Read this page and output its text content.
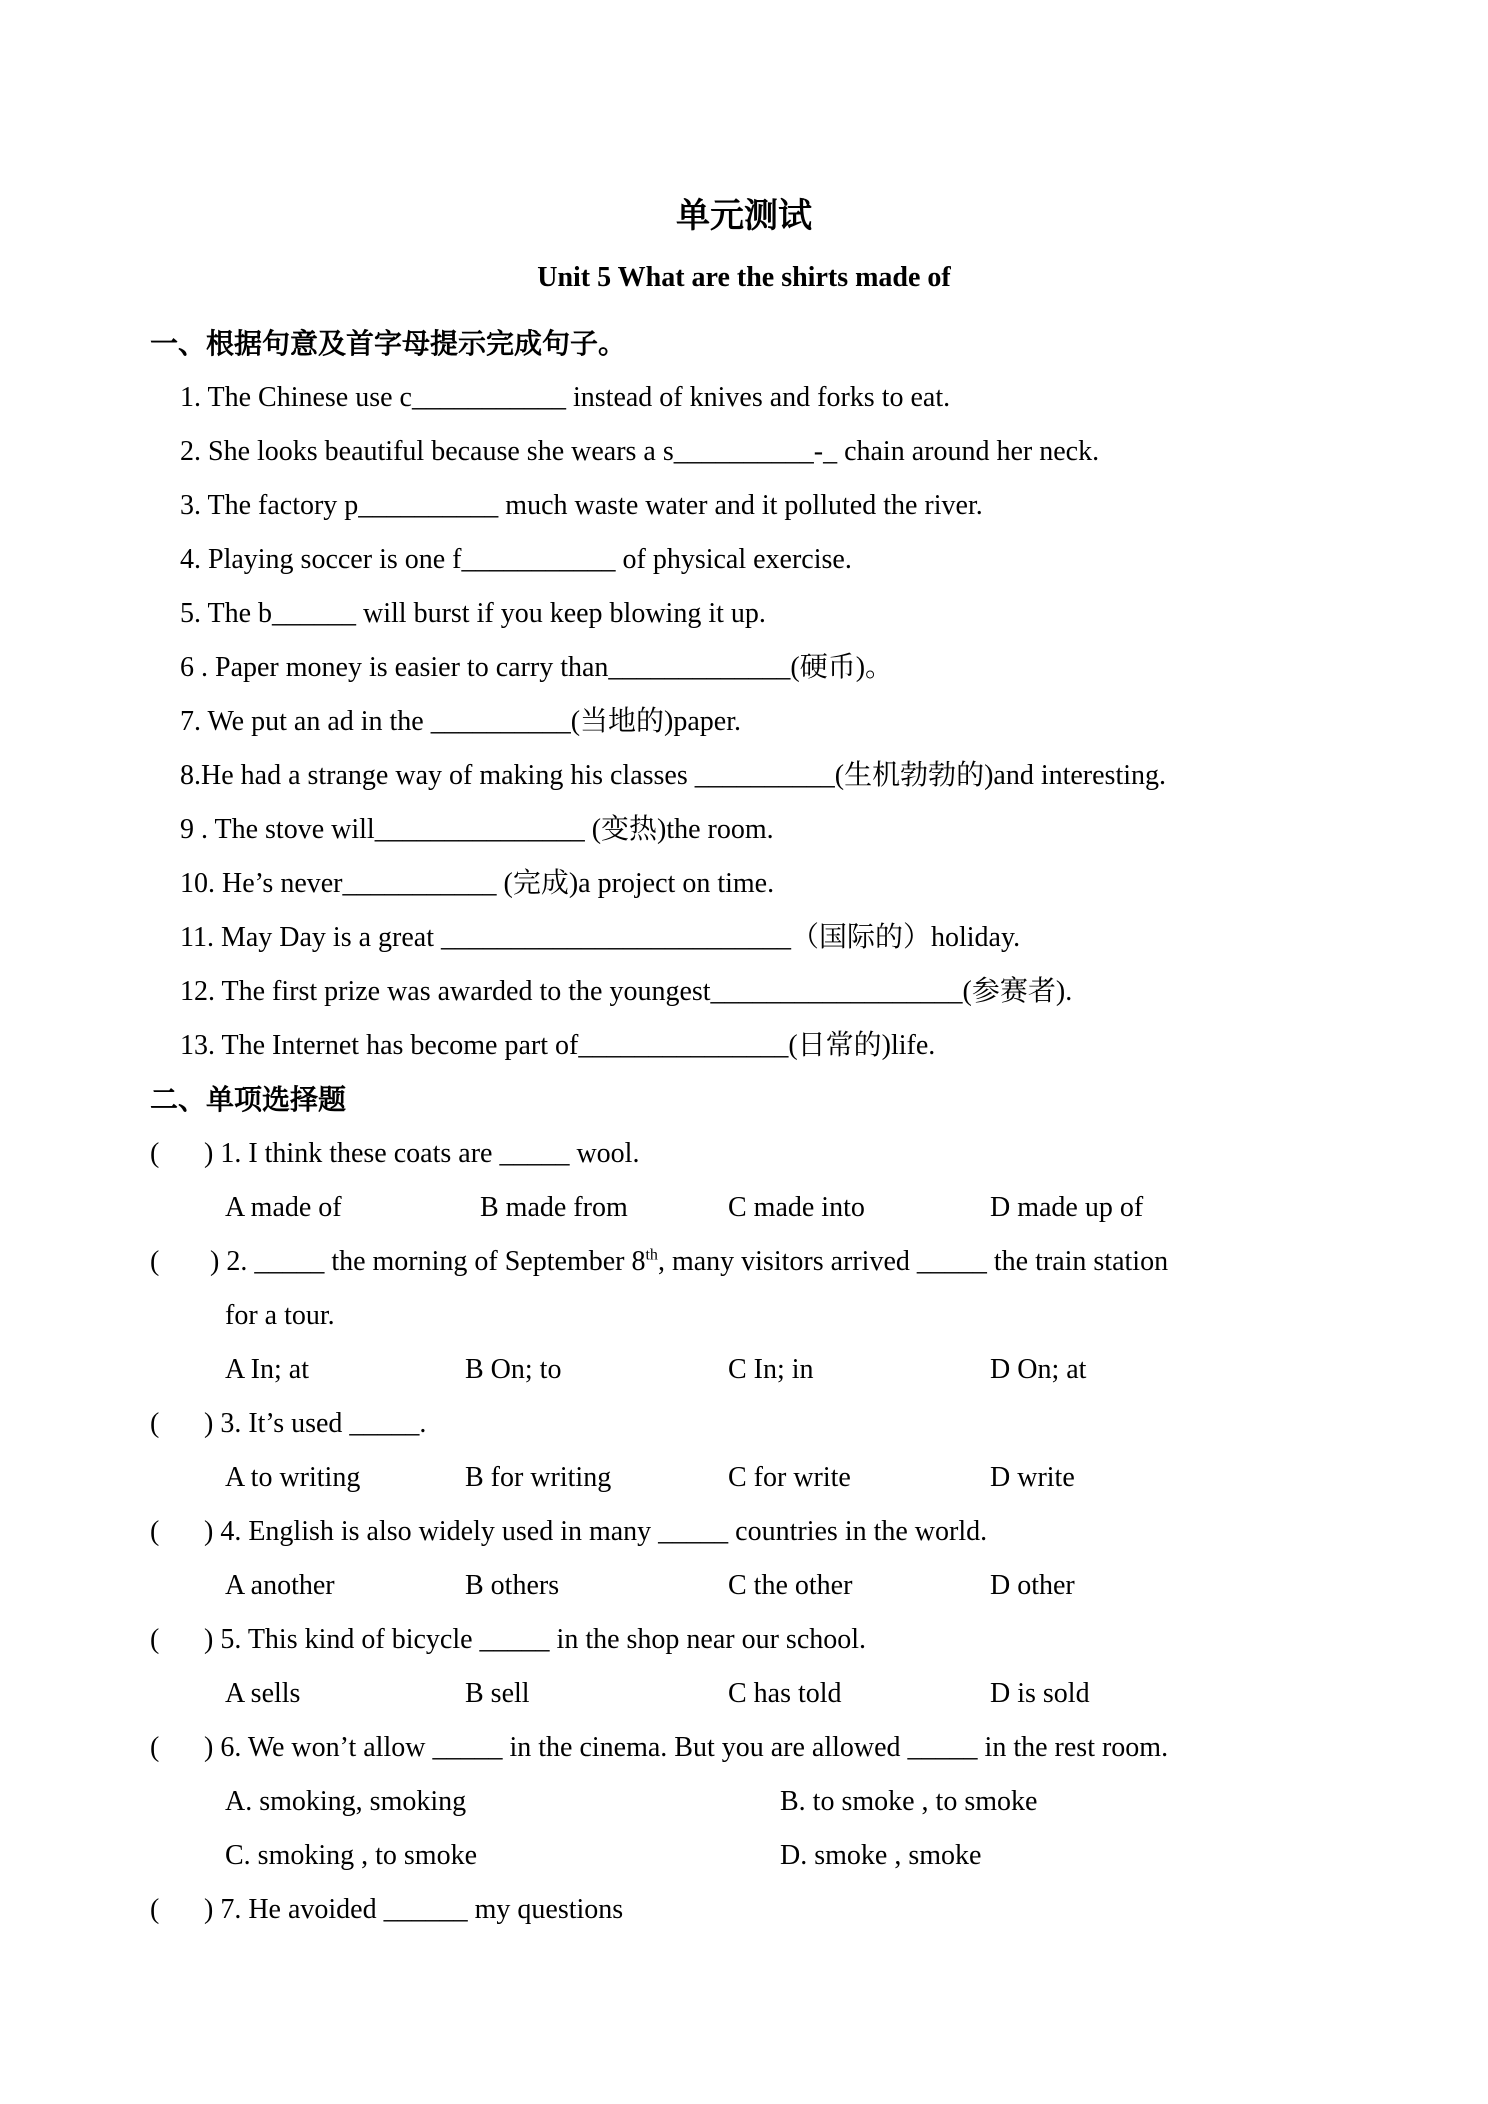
单元测试
Unit 5 What are the shirts made of
一、根据句意及首字母提示完成句子。
1. The Chinese use c___________ instead of knives and forks to eat.
2. She looks beautiful because she wears a s__________-_ chain around her neck.
3. The factory p__________ much waste water and it polluted the river.
4. Playing soccer is one f___________ of physical exercise.
5. The b______ will burst if you keep blowing it up.
6 . Paper money is easier to carry than_____________(硬币)。
7. We put an ad in the __________(当地的)paper.
8.He had a strange way of making his classes __________(生机勃勃的)and interesting.
9 . The stove will_______________ (变热)the room.
10. He’s never___________ (完成)a project on time.
11. May Day is a great _________________________（国际的）holiday.
12. The first prize was awarded to the youngest__________________(参赛者).
13. The Internet has become part of_______________(日常的)life.
二、单项选择题
( ) 1. I think these coats are _____ wool.
A made of	B made from	C made into	D made up of
( ) 2. _____ the morning of September 8th, many visitors arrived _____ the train station
for a tour.
A In; at	B On; to	C In; in	D On; at
( ) 3. It’s used _____.
A to writing	B for writing	C for write	D write
( ) 4. English is also widely used in many _____ countries in the world.
A another	B others	C the other	D other
( ) 5. This kind of bicycle _____ in the shop near our school.
A sells	B sell	C has told	D is sold
( ) 6. We won’t allow _____ in the cinema. But you are allowed _____ in the rest room.
A. smoking, smoking	B. to smoke , to smoke
C. smoking , to smoke	D. smoke , smoke
( ) 7. He avoided ______ my questions
